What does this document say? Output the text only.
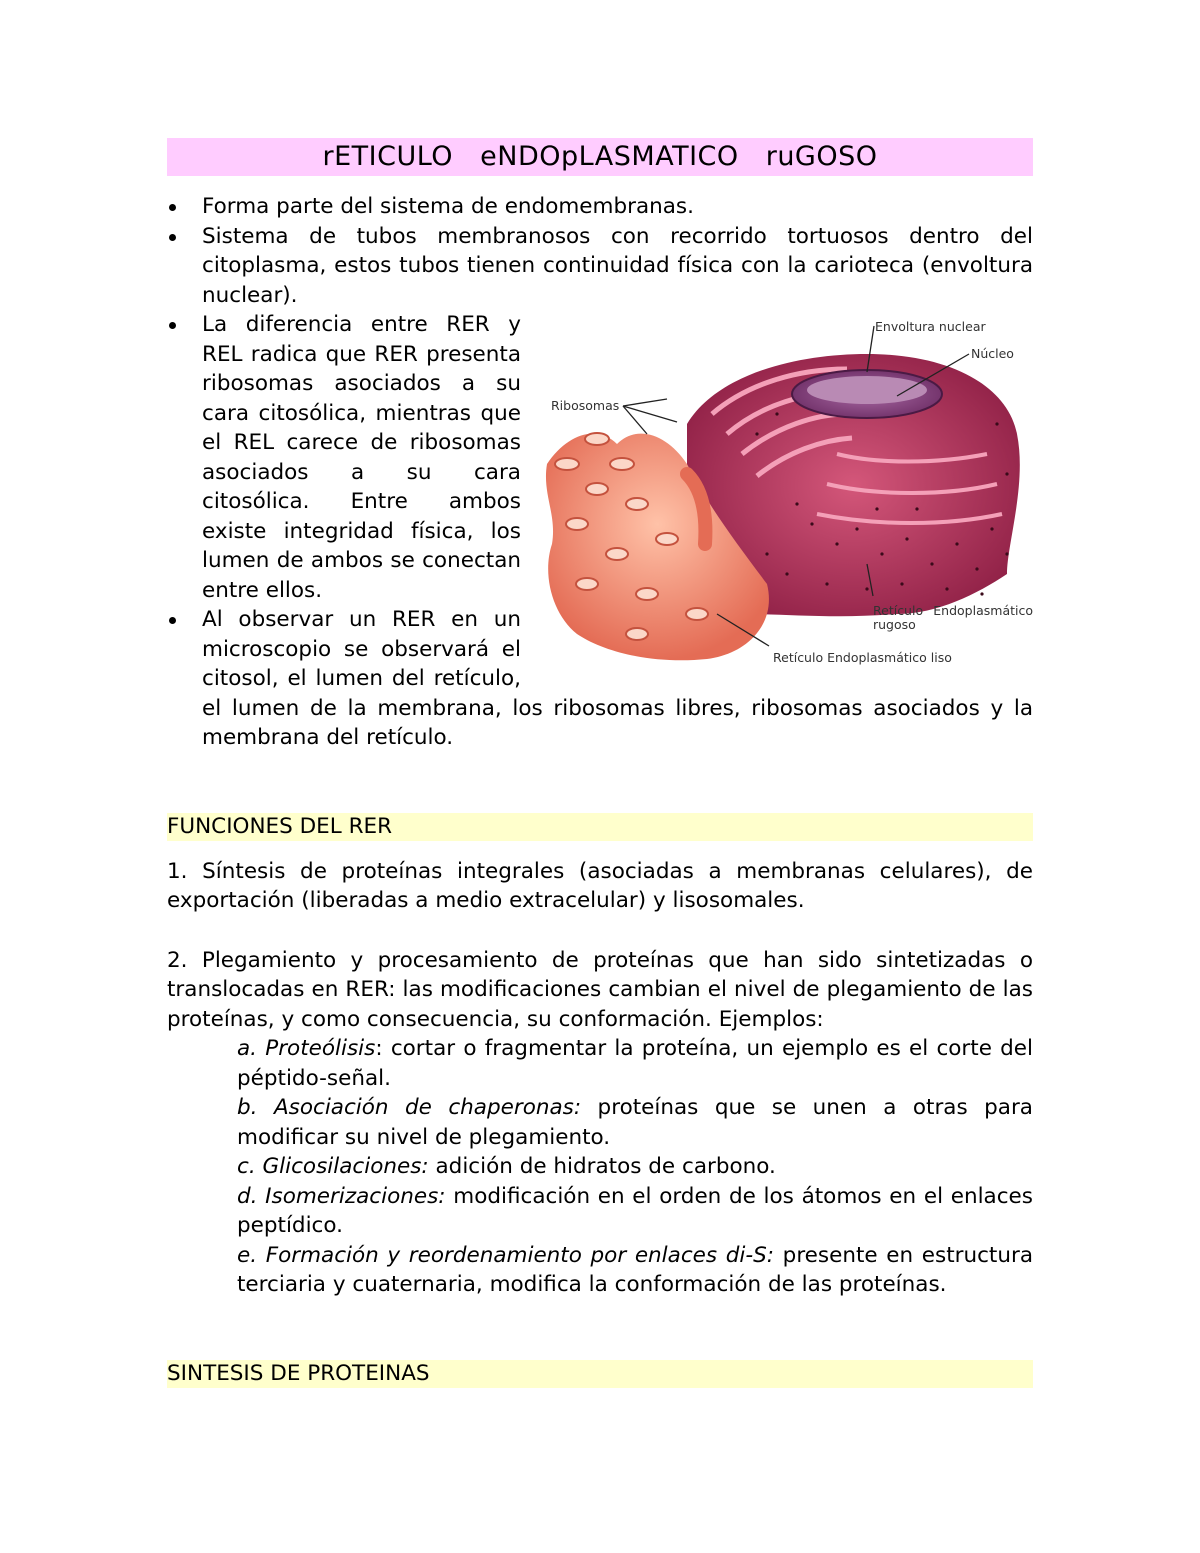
rETICULO eNDOpLASMATICO ruGOSO
Forma parte del sistema de endomembranas.
Sistema de tubos membranosos con recorrido tortuosos dentro del citoplasma, estos tubos tienen continuidad física con la carioteca (envoltura nuclear).
Envoltura nuclear
Núcleo
Ribosomas
Retículo Endoplasmático rugoso
Retículo Endoplasmático liso
La diferencia entre RER y REL radica que RER presenta ribosomas asociados a su cara citosólica, mientras que el REL carece de ribosomas asociados a su cara citosólica. Entre ambos existe integridad física, los lumen de ambos se conectan entre ellos.
Al observar un RER en un microscopio se observará el citosol, el lumen del retículo, el lumen de la membrana, los ribosomas libres, ribosomas asociados y la membrana del retículo.
FUNCIONES DEL RER

1. Síntesis de proteínas integrales (asociadas a membranas celulares), de exportación (liberadas a medio extracelular) y lisosomales.

2. Plegamiento y procesamiento de proteínas que han sido sintetizadas o translocadas en RER: las modificaciones cambian el nivel de plegamiento de las proteínas, y como consecuencia, su conformación. Ejemplos:

a. Proteólisis: cortar o fragmentar la proteína, un ejemplo es el corte del péptido-señal.
b. Asociación de chaperonas: proteínas que se unen a otras para modificar su nivel de plegamiento.
c. Glicosilaciones: adición de hidratos de carbono.
d. Isomerizaciones: modificación en el orden de los átomos en el enlaces peptídico.
e. Formación y reordenamiento por enlaces di-S: presente en estructura terciaria y cuaternaria, modifica la conformación de las proteínas.
SINTESIS DE PROTEINAS
